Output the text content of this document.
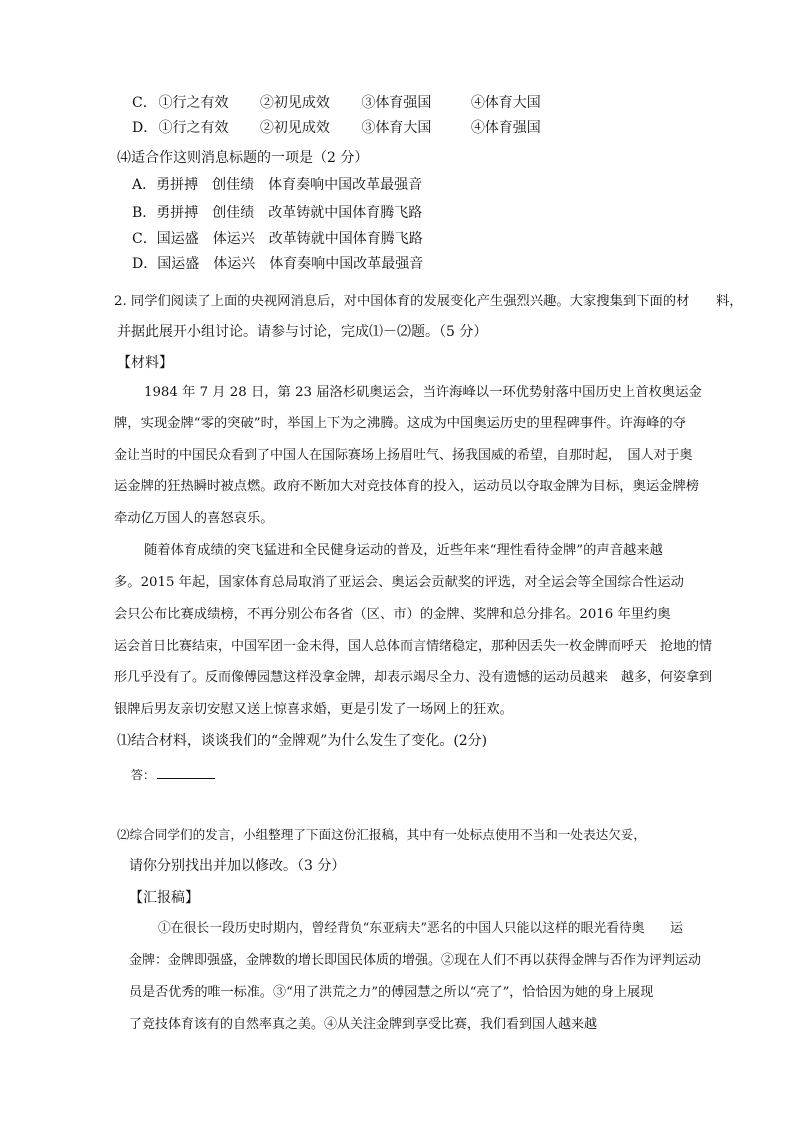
C． ①行之有效 ②初见成效 ③体育强国	④体育大国
D． ①行之有效 ②初见成效 ③体育大国	④体育强国
⑷适合作这则消息标题的一项是（2 分）
A．勇拼搏　创佳绩　体育奏响中国改革最强音
B．勇拼搏　创佳绩　改革铸就中国体育腾飞路
C．国运盛　体运兴　改革铸就中国体育腾飞路
D．国运盛　体运兴　体育奏响中国改革最强音
2. 同学们阅读了上面的央视网消息后，对中国体育的发展变化产生强烈兴趣。大家搜集到下面的材　　料，
并据此展开小组讨论。请参与讨论，完成⑴－⑵题。（5 分）
【材料】
1984 年 7 月 28 日，第 23 届洛杉矶奥运会，当许海峰以一环优势射落中国历史上首枚奥运金
牌，实现金牌“零的突破”时，举国上下为之沸腾。这成为中国奥运历史的里程碑事件。许海峰的夺
金让当时的中国民众看到了中国人在国际赛场上扬眉吐气、扬我国威的希望，自那时起，　国人对于奥
运金牌的狂热瞬时被点燃。政府不断加大对竞技体育的投入，运动员以夺取金牌为目标，奥运金牌榜
牵动亿万国人的喜怒哀乐。
随着体育成绩的突飞猛进和全民健身运动的普及，近些年来“理性看待金牌”的声音越来越
多。2015 年起，国家体育总局取消了亚运会、奥运会贡献奖的评选，对全运会等全国综合性运动
会只公布比赛成绩榜，不再分别公布各省（区、市）的金牌、奖牌和总分排名。2016 年里约奥
运会首日比赛结束，中国军团一金未得，国人总体而言情绪稳定，那种因丢失一枚金牌而呼天　抢地的情
形几乎没有了。反而像傅园慧这样没拿金牌，却表示竭尽全力、没有遗憾的运动员越来　越多，何姿拿到
银牌后男友亲切安慰又送上惊喜求婚，更是引发了一场网上的狂欢。
⑴结合材料，谈谈我们的“金牌观”为什么发生了变化。(2分)
答：
⑵综合同学们的发言，小组整理了下面这份汇报稿，其中有一处标点使用不当和一处表达欠妥，
请你分别找出并加以修改。（3 分）
【汇报稿】
①在很长一段历史时期内，曾经背负“东亚病夫”恶名的中国人只能以这样的眼光看待奥　　运
金牌：金牌即强盛，金牌数的增长即国民体质的增强。②现在人们不再以获得金牌与否作为评判运动
员是否优秀的唯一标准。③“用了洪荒之力”的傅园慧之所以“亮了”，恰恰因为她的身上展现
了竞技体育该有的自然率真之美。④从关注金牌到享受比赛，我们看到国人越来越
